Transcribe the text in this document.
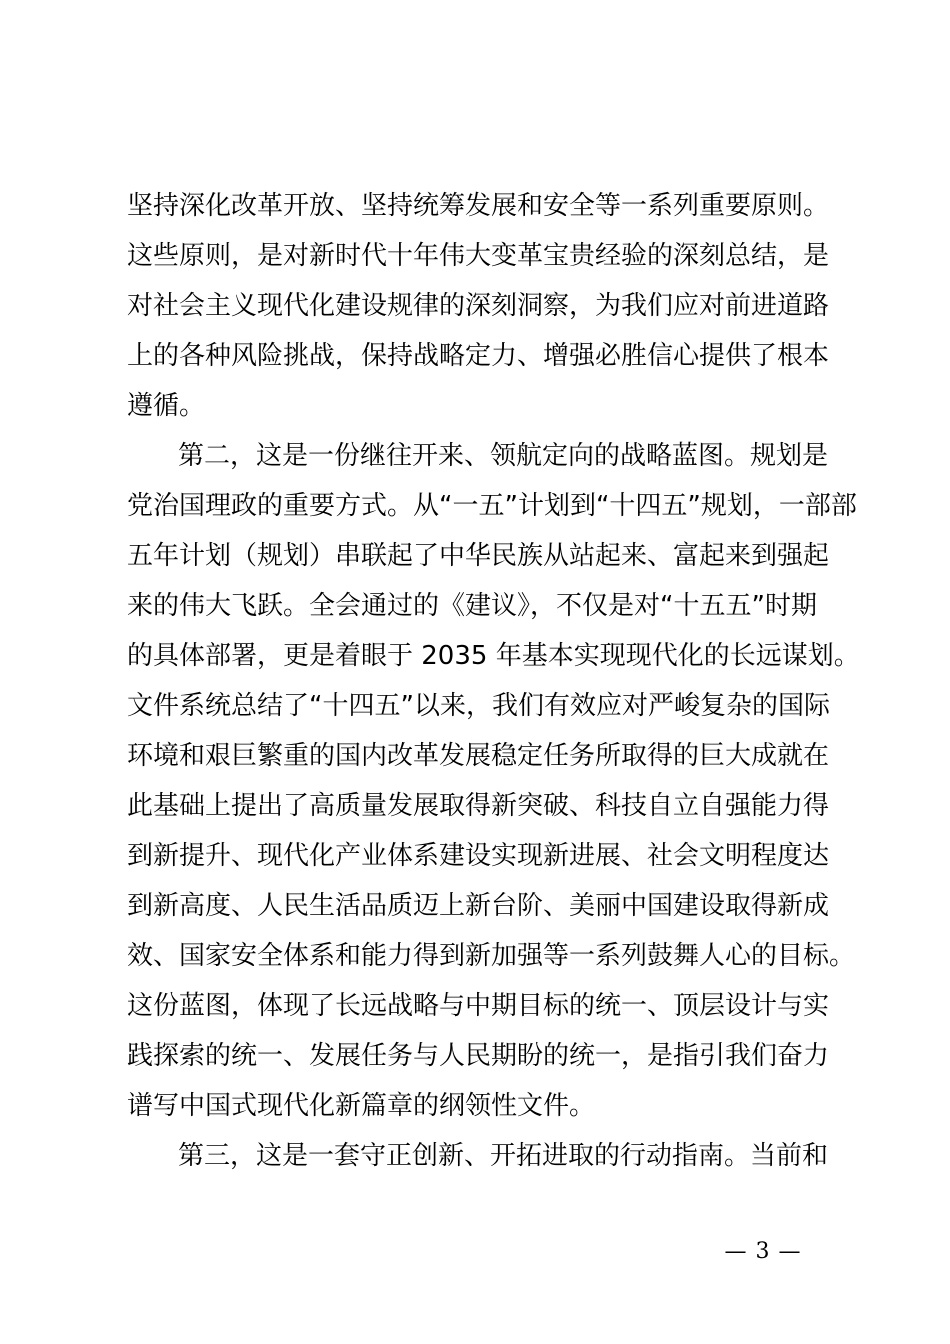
坚持深化改革开放、坚持统筹发展和安全等一系列重要原则。
这些原则，是对新时代十年伟大变革宝贵经验的深刻总结，是
对社会主义现代化建设规律的深刻洞察，为我们应对前进道路
上的各种风险挑战，保持战略定力、增强必胜信心提供了根本
遵循。
第二，这是一份继往开来、领航定向的战略蓝图。规划是
党治国理政的重要方式。从“一五”计划到“十四五”规划，一部部
五年计划（规划）串联起了中华民族从站起来、富起来到强起
来的伟大飞跃。全会通过的《建议》，不仅是对“十五五”时期
的具体部署，更是着眼于 2035 年基本实现现代化的长远谋划。
文件系统总结了“十四五”以来，我们有效应对严峻复杂的国际
环境和艰巨繁重的国内改革发展稳定任务所取得的巨大成就在
此基础上提出了高质量发展取得新突破、科技自立自强能力得
到新提升、现代化产业体系建设实现新进展、社会文明程度达
到新高度、人民生活品质迈上新台阶、美丽中国建设取得新成
效、国家安全体系和能力得到新加强等一系列鼓舞人心的目标。
这份蓝图，体现了长远战略与中期目标的统一、顶层设计与实
践探索的统一、发展任务与人民期盼的统一，是指引我们奋力
谱写中国式现代化新篇章的纲领性文件。
第三，这是一套守正创新、开拓进取的行动指南。当前和
— 3 —
